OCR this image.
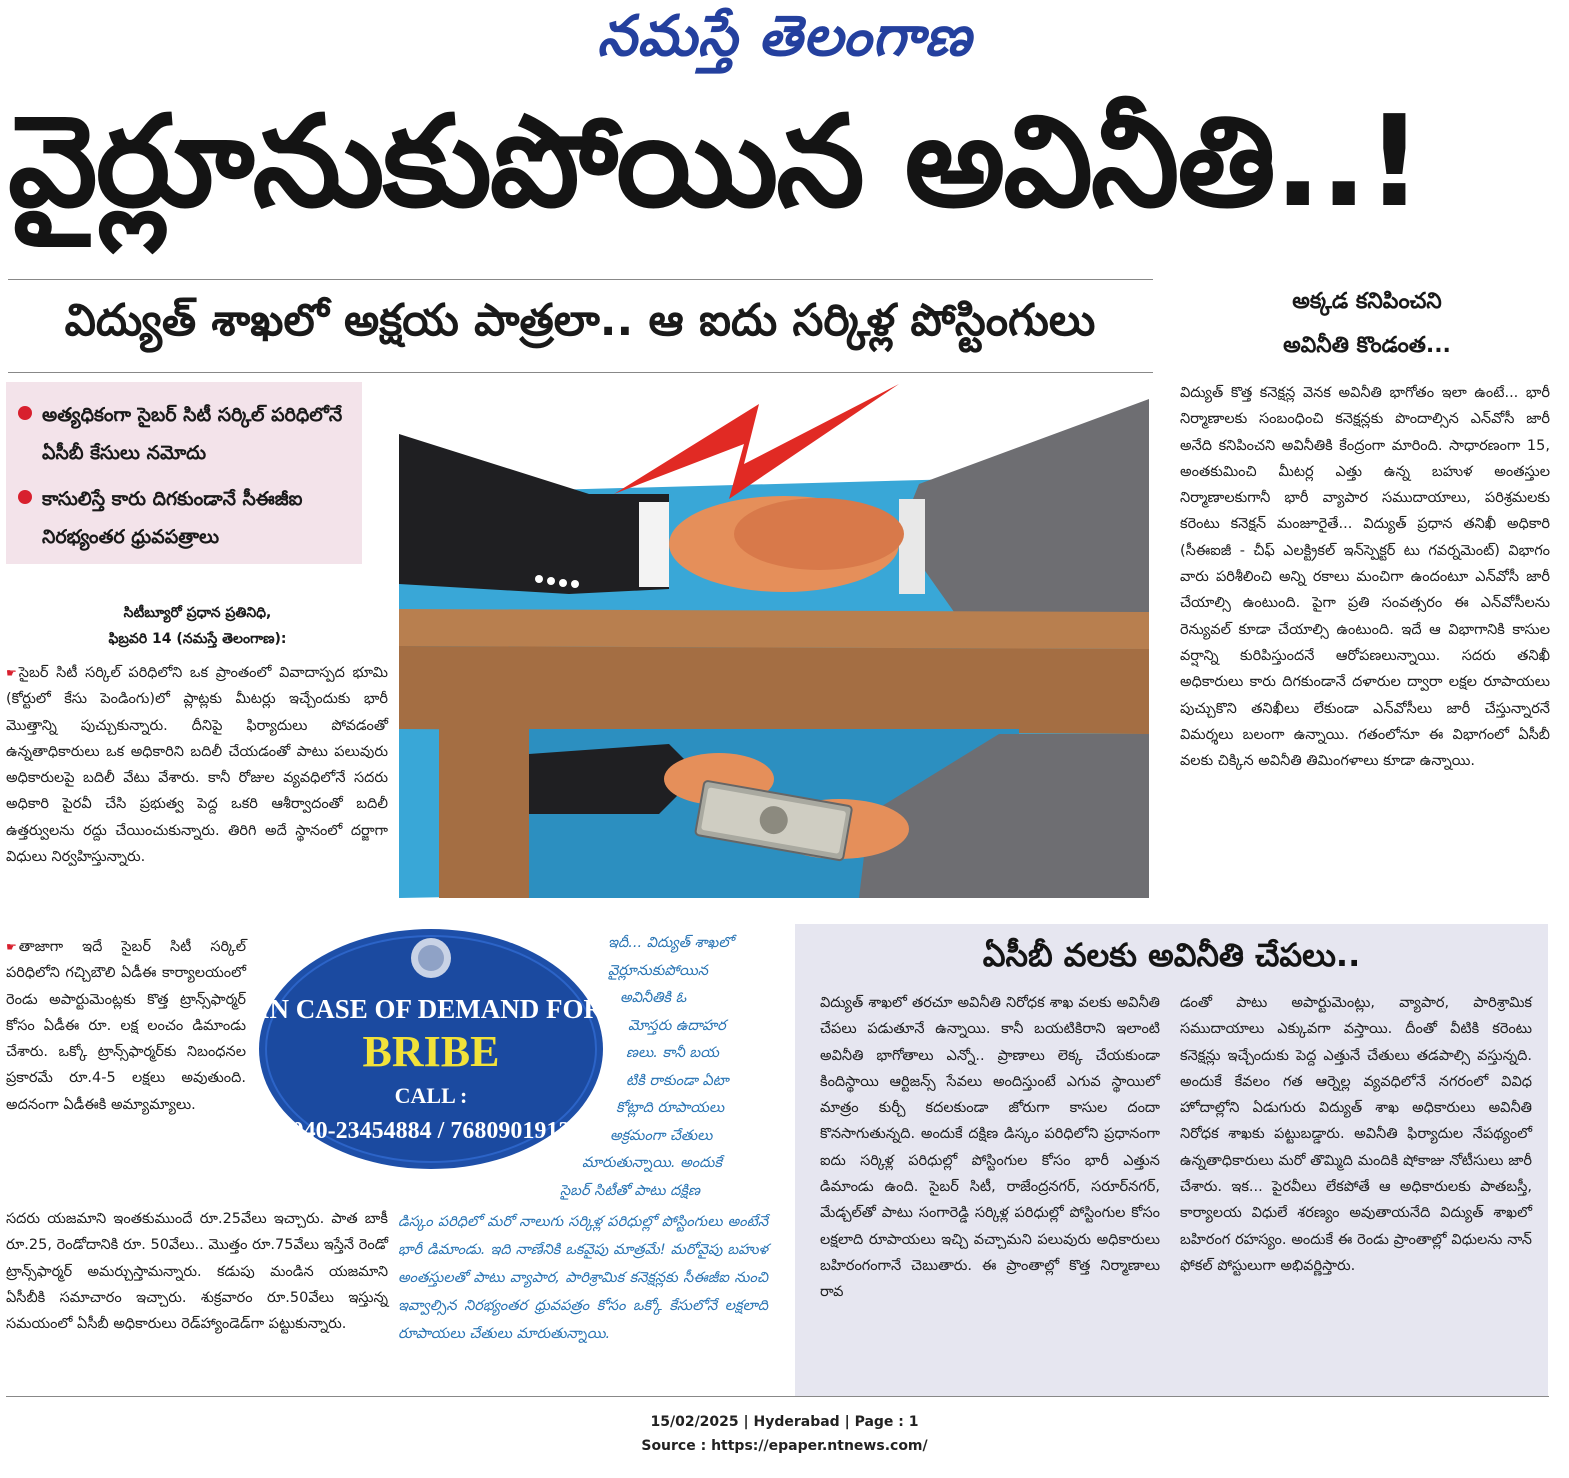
నమస్తే తెలంగాణ
వైర్లూనుకుపోయిన అవినీతి..!
విద్యుత్ శాఖలో అక్షయ పాత్రలా.. ఆ ఐదు సర్కిళ్ల పోస్టింగులు	అక్కడ కనిపించని
అవినీతి కొండంత...
అత్యధికంగా సైబర్ సిటీ సర్కిల్ పరిధిలోనే ఏసీబీ కేసులు నమోదు
కాసులిస్తే కారు దిగకుండానే సీఈజీఐ నిరభ్యంతర ధ్రువపత్రాలు
సిటీబ్యూరో ప్రధాన ప్రతినిధి,
ఫిబ్రవరి 14 (నమస్తే తెలంగాణ):
☛ సైబర్ సిటీ సర్కిల్ పరిధిలోని ఒక ప్రాంతంలో వివాదాస్పద భూమి (కోర్టులో కేసు పెండింగు)లో ప్లాట్లకు మీటర్లు ఇచ్చేందుకు భారీ మొత్తాన్ని పుచ్చుకున్నారు. దీనిపై ఫిర్యాదులు పోవడంతో ఉన్నతాధికారులు ఒక అధికారిని బదిలీ చేయడంతో పాటు పలువురు అధికారులపై బదిలీ వేటు వేశారు. కానీ రోజుల వ్యవధిలోనే సదరు అధికారి పైరవీ చేసి ప్రభుత్వ పెద్ద ఒకరి ఆశీర్వాదంతో బదిలీ ఉత్తర్వులను రద్దు చేయించుకున్నారు. తిరిగి అదే స్థానంలో దర్జాగా విధులు నిర్వహిస్తున్నారు.
☛ తాజాగా ఇదే సైబర్ సిటీ సర్కిల్ పరిధిలోని గచ్చిబౌలి ఏడీఈ కార్యాలయంలో రెండు అపార్టుమెంట్లకు కొత్త ట్రాన్స్‌ఫార్మర్ కోసం ఏడీఈ రూ. లక్ష లంచం డిమాండు చేశారు. ఒక్కో ట్రాన్స్‌ఫార్మర్‌కు నిబంధనల ప్రకారమే రూ.4-5 లక్షలు అవుతుంది. అదనంగా ఏడీఈకి అమ్యామ్యాలు.
సదరు యజమాని ఇంతకుముందే రూ.25వేలు ఇచ్చారు. పాత బాకీ రూ.25, రెండోదానికి రూ. 50వేలు.. మొత్తం రూ.75వేలు ఇస్తేనే రెండో ట్రాన్స్‌ఫార్మర్ అమర్చుస్తామన్నారు. కడుపు మండిన యజమాని ఏసీబీకి సమాచారం ఇచ్చారు. శుక్రవారం రూ.50వేలు ఇస్తున్న సమయంలో ఏసీబీ అధికారులు రెడ్‌హ్యాండెడ్‌గా పట్టుకున్నారు.
IN CASE OF DEMAND FOR
BRIBE
CALL :
040-23454884 / 7680901912
ఇదీ... విద్యుత్ శాఖలో
వైర్లూనుకుపోయిన
అవినీతికి ఓ
మోస్తరు ఉదాహర
ణలు. కానీ బయ
టికి రాకుండా ఏటా
కోట్లాది రూపాయలు
అక్రమంగా చేతులు
మారుతున్నాయి. అందుకే
సైబర్ సిటీతో పాటు దక్షిణ
డిస్కం పరిధిలో మరో నాలుగు సర్కిళ్ల పరిధుల్లో పోస్టింగులు అంటేనే భారీ డిమాండు. ఇది నాణేనికి ఒకవైపు మాత్రమే! మరోవైపు బహుళ అంతస్తులతో పాటు వ్యాపార, పారిశ్రామిక కనెక్షన్లకు సీఈజీఐ నుంచి ఇవ్వాల్సిన నిరభ్యంతర ధ్రువపత్రం కోసం ఒక్కో కేసులోనే లక్షలాది రూపాయలు చేతులు మారుతున్నాయి.
విద్యుత్ కొత్త కనెక్షన్ల వెనక అవినీతి భాగోతం ఇలా ఉంటే... భారీ నిర్మాణాలకు సంబంధించి కనెక్షన్లకు పొందాల్సిన ఎన్‌వోసీ జారీ అనేది కనిపించని అవినీతికి కేంద్రంగా మారింది. సాధారణంగా 15, అంతకుమించి మీటర్ల ఎత్తు ఉన్న బహుళ అంతస్తుల నిర్మాణాలకుగానీ భారీ వ్యాపార సముదాయాలు, పరిశ్రమలకు కరెంటు కనెక్షన్ మంజూరైతే... విద్యుత్ ప్రధాన తనిఖీ అధికారి (సీఈఐజీ - చీఫ్ ఎలక్ట్రికల్ ఇన్‌స్పెక్టర్ టు గవర్నమెంట్) విభాగం వారు పరిశీలించి అన్ని రకాలు మంచిగా ఉందంటూ ఎన్‌వోసీ జారీ చేయాల్సి ఉంటుంది. పైగా ప్రతి సంవత్సరం ఈ ఎన్‌వోసీలను రెన్యువల్ కూడా చేయాల్సి ఉంటుంది. ఇదే ఆ విభాగానికి కాసుల వర్షాన్ని కురిపిస్తుందనే ఆరోపణలున్నాయి. సదరు తనిఖీ అధికారులు కారు దిగకుండానే దళారుల ద్వారా లక్షల రూపాయలు పుచ్చుకొని తనిఖీలు లేకుండా ఎన్‌వోసీలు జారీ చేస్తున్నారనే విమర్శలు బలంగా ఉన్నాయి. గతంలోనూ ఈ విభాగంలో ఏసీబీ వలకు చిక్కిన అవినీతి తిమింగళాలు కూడా ఉన్నాయి.
ఏసీబీ వలకు అవినీతి చేపలు..
విద్యుత్ శాఖలో తరచూ అవినీతి నిరోధక శాఖ వలకు అవినీతి చేపలు పడుతూనే ఉన్నాయి. కానీ బయటికిరాని ఇలాంటి అవినీతి భాగోతాలు ఎన్నో.. ప్రాణాలు లెక్క చేయకుండా కిందిస్థాయి ఆర్టిజన్స్ సేవలు అందిస్తుంటే ఎగువ స్థాయిలో మాత్రం కుర్చీ కదలకుండా జోరుగా కాసుల దందా కొనసాగుతున్నది. అందుకే దక్షిణ డిస్కం పరిధిలోని ప్రధానంగా ఐదు సర్కిళ్ల పరిధుల్లో పోస్టింగుల కోసం భారీ ఎత్తున డిమాండు ఉంది. సైబర్ సిటీ, రాజేంద్రనగర్, సరూర్‌నగర్, మేడ్చల్‌తో పాటు సంగారెడ్డి సర్కిళ్ల పరిధుల్లో పోస్టింగుల కోసం లక్షలాది రూపాయలు ఇచ్చి వచ్చామని పలువురు అధికారులు బహిరంగంగానే చెబుతారు. ఈ ప్రాంతాల్లో కొత్త నిర్మాణాలు రావ
డంతో పాటు అపార్టుమెంట్లు, వ్యాపార, పారిశ్రామిక సముదాయాలు ఎక్కువగా వస్తాయి. దీంతో వీటికి కరెంటు కనెక్షన్లు ఇచ్చేందుకు పెద్ద ఎత్తునే చేతులు తడపాల్సి వస్తున్నది. అందుకే కేవలం గత ఆర్నెల్ల వ్యవధిలోనే నగరంలో వివిధ హోదాల్లోని ఏడుగురు విద్యుత్ శాఖ అధికారులు అవినీతి నిరోధక శాఖకు పట్టుబడ్డారు. అవినీతి ఫిర్యాదుల నేపథ్యంలో ఉన్నతాధికారులు మరో తొమ్మిది మందికి షోకాజు నోటీసులు జారీ చేశారు. ఇక... పైరవీలు లేకపోతే ఆ అధికారులకు పాతబస్తీ, కార్యాలయ విధులే శరణ్యం అవుతాయనేది విద్యుత్ శాఖలో బహిరంగ రహస్యం. అందుకే ఈ రెండు ప్రాంతాల్లో విధులను నాన్ ఫోకల్ పోస్టులుగా అభివర్ణిస్తారు.
15/02/2025 | Hyderabad | Page : 1
Source : https://epaper.ntnews.com/
